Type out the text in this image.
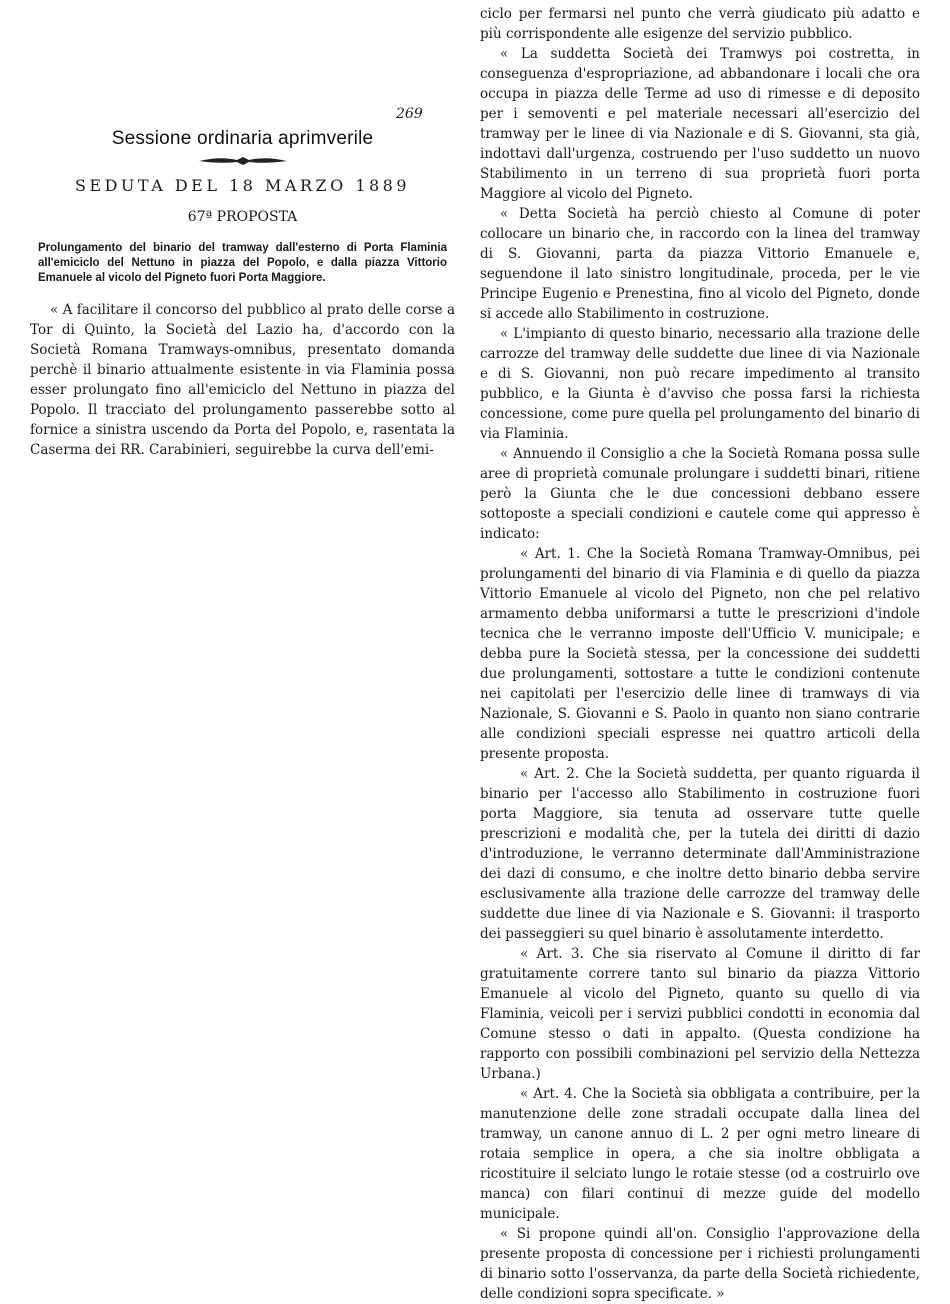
269
Sessione ordinaria aprimverile
SEDUTA DEL 18 MARZO 1889
67ª PROPOSTA
Prolungamento del binario del tramway dall'esterno di Porta Flaminia all'emiciclo del Nettuno in piazza del Popolo, e dalla piazza Vittorio Emanuele al vicolo del Pigneto fuori Porta Maggiore.

« A facilitare il concorso del pubblico al prato delle corse a Tor di Quinto, la Società del Lazio ha, d'accordo con la Società Romana Tramways-omnibus, presentato domanda perchè il binario attualmente esistente in via Flaminia possa esser prolungato fino all'emiciclo del Nettuno in piazza del Popolo. Il tracciato del prolungamento passerebbe sotto al fornice a sinistra uscendo da Porta del Popolo, e, rasentata la Caserma dei RR. Carabinieri, seguirebbe la curva dell'emi-

ciclo per fermarsi nel punto che verrà giudicato più adatto e più corrispondente alle esigenze del servizio pubblico.

« La suddetta Società dei Tramwys poi costretta, in conseguenza d'espropriazione, ad abbandonare i locali che ora occupa in piazza delle Terme ad uso di rimesse e di deposito per i semoventi e pel materiale necessari all'esercizio del tramway per le linee di via Nazionale e di S. Giovanni, sta già, indottavi dall'urgenza, costruendo per l'uso suddetto un nuovo Stabilimento in un terreno di sua proprietà fuori porta Maggiore al vicolo del Pigneto.

« Detta Società ha perciò chiesto al Comune di poter collocare un binario che, in raccordo con la linea del tramway di S. Giovanni, parta da piazza Vittorio Emanuele e, seguendone il lato sinistro longitudinale, proceda, per le vie Principe Eugenio e Prenestina, fino al vicolo del Pigneto, donde si accede allo Stabilimento in costruzione.

« L'impianto di questo binario, necessario alla trazione delle carrozze del tramway delle suddette due linee di via Nazionale e di S. Giovanni, non può recare impedimento al transito pubblico, e la Giunta è d'avviso che possa farsi la richiesta concessione, come pure quella pel prolungamento del binario di via Flaminia.

« Annuendo il Consiglio a che la Società Romana possa sulle aree di proprietà comunale prolungare i suddetti binari, ritiene però la Giunta che le due concessioni debbano essere sottoposte a speciali condizioni e cautele come qui appresso è indicato:

« Art. 1. Che la Società Romana Tramway-Omnibus, pei prolungamenti del binario di via Flaminia e di quello da piazza Vittorio Emanuele al vicolo del Pigneto, non che pel relativo armamento debba uniformarsi a tutte le prescrizioni d'indole tecnica che le verranno imposte dell'Ufficio V. municipale; e debba pure la Società stessa, per la concessione dei suddetti due prolungamenti, sottostare a tutte le condizioni contenute nei capitolati per l'esercizio delle linee di tramways di via Nazionale, S. Giovanni e S. Paolo in quanto non siano contrarie alle condizioni speciali espresse nei quattro articoli della presente proposta.

« Art. 2. Che la Società suddetta, per quanto riguarda il binario per l'accesso allo Stabilimento in costruzione fuori porta Maggiore, sia tenuta ad osservare tutte quelle prescrizioni e modalità che, per la tutela dei diritti di dazio d'introduzione, le verranno determinate dall'Amministrazione dei dazi di consumo, e che inoltre detto binario debba servire esclusivamente alla trazione delle carrozze del tramway delle suddette due linee di via Nazionale e S. Giovanni: il trasporto dei passeggieri su quel binario è assolutamente interdetto.

« Art. 3. Che sia riservato al Comune il diritto di far gratuitamente correre tanto sul binario da piazza Vittorio Emanuele al vicolo del Pigneto, quanto su quello di via Flaminia, veicoli per i servizi pubblici condotti in economia dal Comune stesso o dati in appalto. (Questa condizione ha rapporto con possibili combinazioni pel servizio della Nettezza Urbana.)

« Art. 4. Che la Società sia obbligata a contribuire, per la manutenzione delle zone stradali occupate dalla linea del tramway, un canone annuo di L. 2 per ogni metro lineare di rotaia semplice in opera, a che sia inoltre obbligata a ricostituire il selciato lungo le rotaie stesse (od a costruirlo ove manca) con filari continui di mezze guide del modello municipale.

« Si propone quindi all'on. Consiglio l'approvazione della presente proposta di concessione per i richiesti prolungamenti di binario sotto l'osservanza, da parte della Società richiedente, delle condizioni sopra specificate. »
